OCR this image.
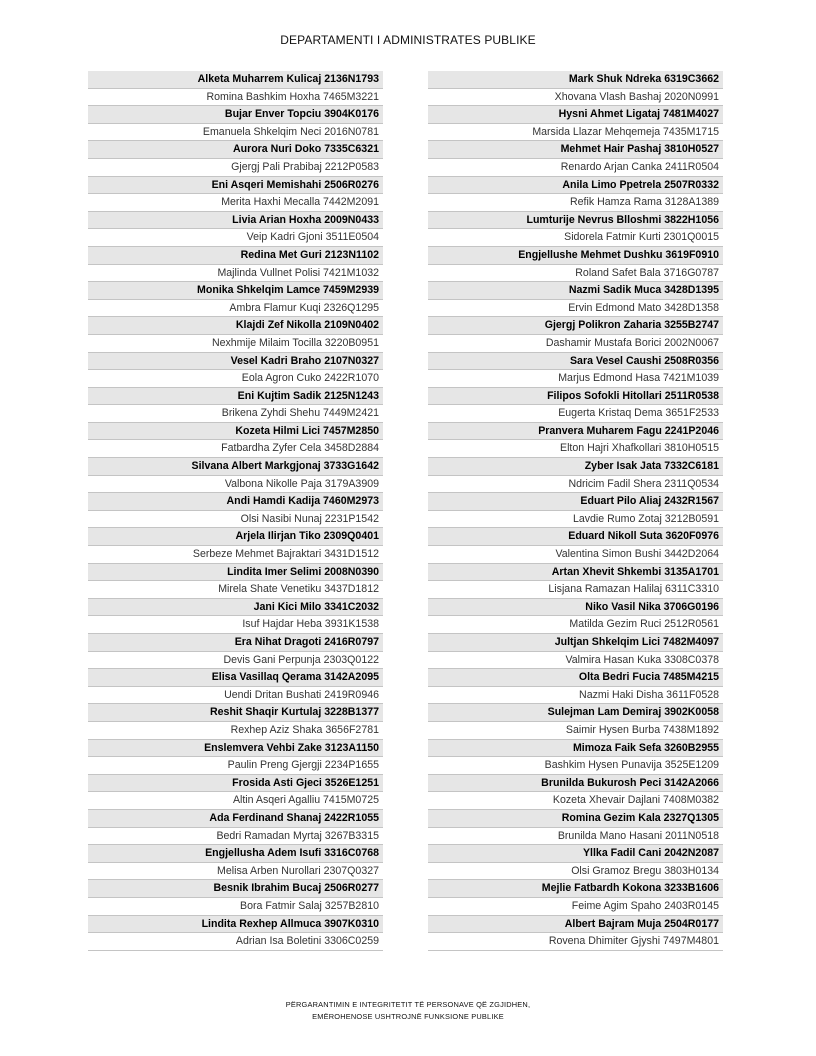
DEPARTAMENTI I ADMINISTRATES PUBLIKE
Alketa Muharrem Kulicaj 2136N1793
Romina Bashkim Hoxha 7465M3221
Bujar Enver Topciu 3904K0176
Emanuela Shkelqim Neci 2016N0781
Aurora Nuri Doko 7335C6321
Gjergj Pali Prabibaj 2212P0583
Eni Asqeri Memishahi 2506R0276
Merita Haxhi Mecalla 7442M2091
Livia Arian Hoxha 2009N0433
Veip Kadri Gjoni 3511E0504
Redina Met Guri 2123N1102
Majlinda Vullnet Polisi 7421M1032
Monika Shkelqim Lamce 7459M2939
Ambra Flamur Kuqi 2326Q1295
Klajdi Zef Nikolla 2109N0402
Nexhmije Milaim Tocilla 3220B0951
Vesel Kadri Braho 2107N0327
Eola Agron Cuko 2422R1070
Eni Kujtim Sadik 2125N1243
Brikena Zyhdi Shehu 7449M2421
Kozeta Hilmi Lici 7457M2850
Fatbardha Zyfer Cela 3458D2884
Silvana Albert Markgjonaj 3733G1642
Valbona Nikolle Paja 3179A3909
Andi Hamdi Kadija 7460M2973
Olsi Nasibi Nunaj 2231P1542
Arjela Ilirjan Tiko 2309Q0401
Serbeze Mehmet Bajraktari 3431D1512
Lindita Imer Selimi 2008N0390
Mirela Shate Venetiku 3437D1812
Jani Kici Milo 3341C2032
Isuf Hajdar Heba 3931K1538
Era Nihat Dragoti 2416R0797
Devis Gani Perpunja 2303Q0122
Elisa Vasillaq Qerama 3142A2095
Uendi Dritan Bushati 2419R0946
Reshit Shaqir Kurtulaj 3228B1377
Rexhep Aziz Shaka 3656F2781
Enslemvera Vehbi Zake 3123A1150
Paulin Preng Gjergji 2234P1655
Frosida Asti Gjeci 3526E1251
Altin Asqeri Agalliu 7415M0725
Ada Ferdinand Shanaj 2422R1055
Bedri Ramadan Myrtaj 3267B3315
Engjellusha Adem Isufi 3316C0768
Melisa Arben Nurollari 2307Q0327
Besnik Ibrahim Bucaj 2506R0277
Bora Fatmir Salaj 3257B2810
Lindita Rexhep Allmuca 3907K0310
Adrian Isa Boletini 3306C0259
Mark Shuk Ndreka 6319C3662
Xhovana Vlash Bashaj 2020N0991
Hysni Ahmet Ligataj 7481M4027
Marsida Llazar Mehqemeja 7435M1715
Mehmet Hair Pashaj 3810H0527
Renardo Arjan Canka 2411R0504
Anila Limo Ppetrela 2507R0332
Refik Hamza Rama 3128A1389
Lumturije Nevrus Blloshmi 3822H1056
Sidorela Fatmir Kurti 2301Q0015
Engjellushe Mehmet Dushku 3619F0910
Roland Safet Bala 3716G0787
Nazmi Sadik Muca 3428D1395
Ervin Edmond Mato 3428D1358
Gjergj Polikron Zaharia 3255B2747
Dashamir Mustafa Borici 2002N0067
Sara Vesel Caushi 2508R0356
Marjus Edmond Hasa 7421M1039
Filipos Sofokli Hitollari 2511R0538
Eugerta Kristaq Dema 3651F2533
Pranvera Muharem Fagu 2241P2046
Elton Hajri Xhafkollari 3810H0515
Zyber Isak Jata 7332C6181
Ndricim Fadil Shera 2311Q0534
Eduart Pilo Aliaj 2432R1567
Lavdie Rumo Zotaj 3212B0591
Eduard Nikoll Suta 3620F0976
Valentina Simon Bushi 3442D2064
Artan Xhevit Shkembi 3135A1701
Lisjana Ramazan Halilaj 6311C3310
Niko Vasil Nika 3706G0196
Matilda Gezim Ruci 2512R0561
Jultjan Shkelqim Lici 7482M4097
Valmira Hasan Kuka 3308C0378
Olta Bedri Fucia 7485M4215
Nazmi Haki Disha 3611F0528
Sulejman Lam Demiraj 3902K0058
Saimir Hysen Burba 7438M1892
Mimoza Faik Sefa 3260B2955
Bashkim Hysen Punavija 3525E1209
Brunilda Bukurosh Peci 3142A2066
Kozeta Xhevair Dajlani 7408M0382
Romina Gezim Kala 2327Q1305
Brunilda Mano Hasani 2011N0518
Yllka Fadil Cani 2042N2087
Olsi Gramoz Bregu 3803H0134
Mejlie Fatbardh Kokona 3233B1606
Feime Agim Spaho 2403R0145
Albert Bajram Muja 2504R0177
Rovena Dhimiter Gjyshi 7497M4801
PËRGARANTIMIN E INTEGRITETIT TË PERSONAVE QË ZGJIDHEN,
EMËROHENOSE USHTROJNË FUNKSIONE PUBLIKE
